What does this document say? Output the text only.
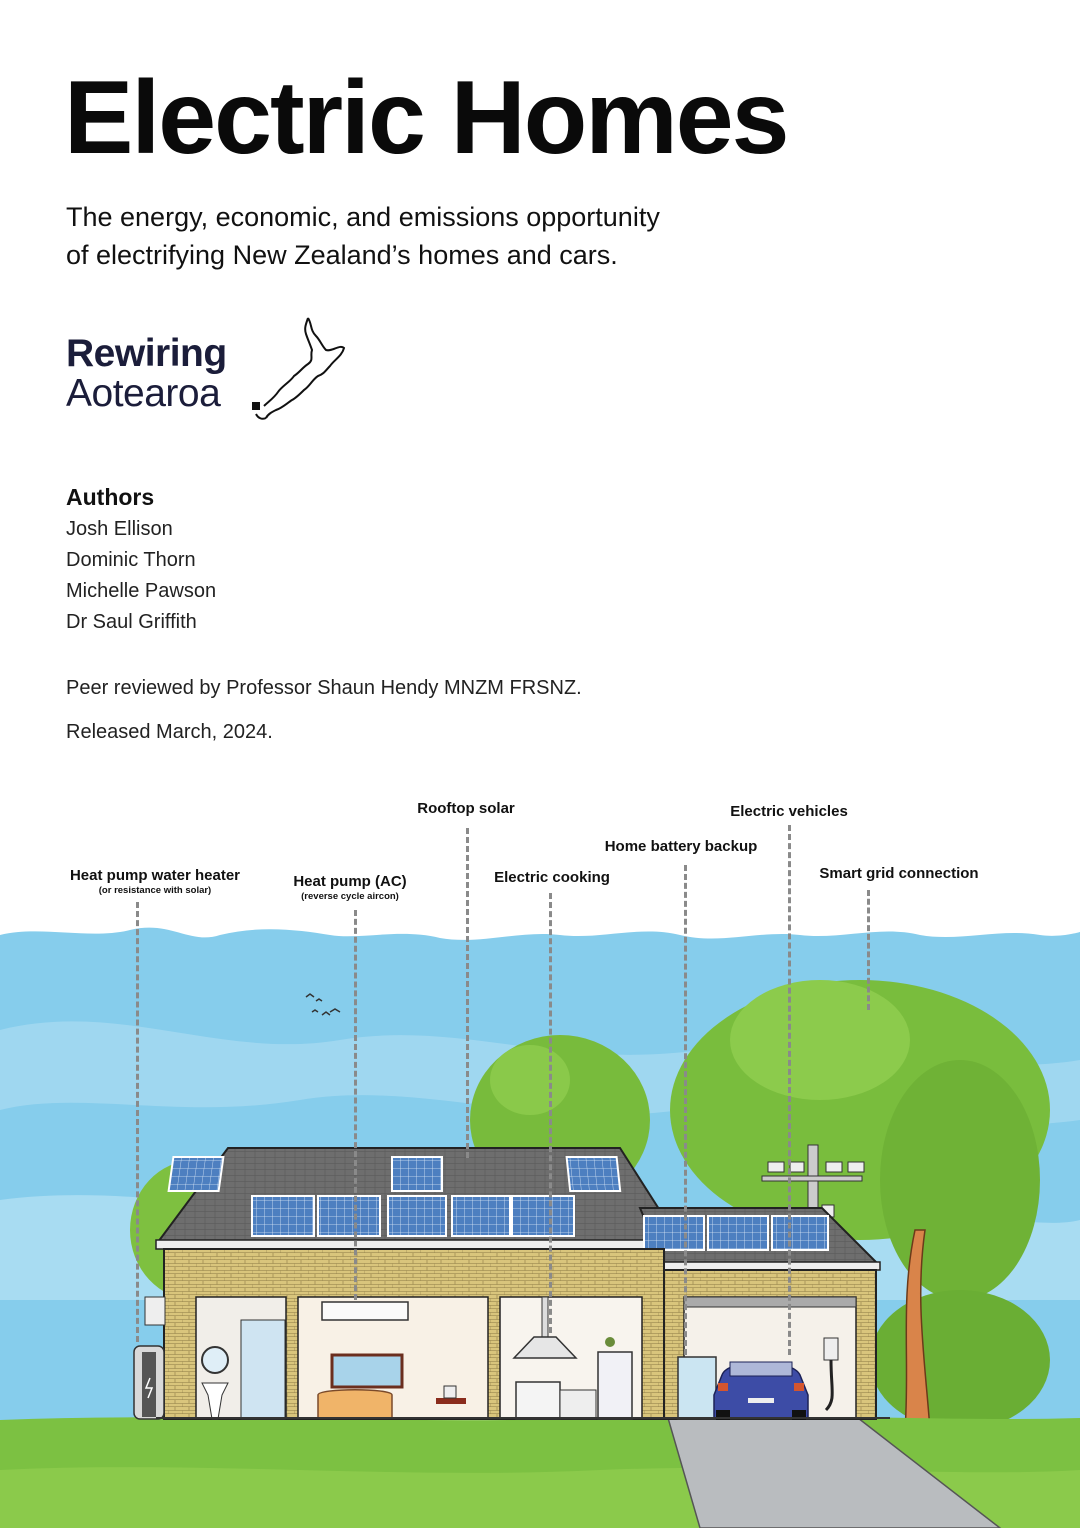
Electric Homes

The energy, economic, and emissions opportunity
of electrifying New Zealand’s homes and cars.

Rewiring
Aotearoa
Authors
Josh Ellison
Dominic Thorn
Michelle Pawson
Dr Saul Griffith
Peer reviewed by Professor Shaun Hendy MNZM FRSNZ.
Released March, 2024.
Heat pump water heater
(or resistance with solar)
Heat pump (AC)
(reverse cycle aircon)
Rooftop solar
Electric cooking
Home battery backup
Electric vehicles
Smart grid connection
